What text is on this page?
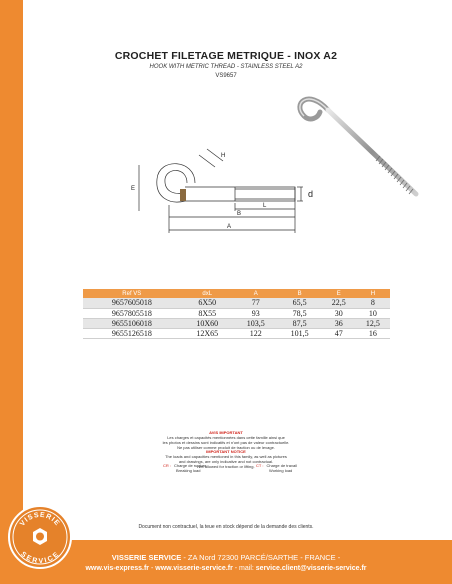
CROCHET FILETAGE METRIQUE - INOX A2
HOOK WITH METRIC THREAD - STAINLESS STEEL A2
VS9657
H
E
L
B
A
d
Ref VS	dxL	A	B	E	H
9657605018	6X50	77	65,5	22,5	8
9657805518	8X55	93	78,5	30	10
9655106018	10X60	103,5	87,5	36	12,5
9655126518	12X65	122	101,5	47	16
AVIS IMPORTANT
Les charges et capacités mentionnées dans cette famille ainsi que
les photos et dessins sont indicatifs et n'ont pas de valeur contractuelle.
Ne pas utiliser comme produit de traction ou de levage.
IMPORTANT NOTICE
The loads and capacities mentioned in this family, as well as pictures
and drawings, are only indicative and not contractual.
Not allowed for traction or lifting.
CR : Charge de rupture
Breaking load
CT : Charge de travail
Working load
Document non contractuel, la teue en stock dépend de la demande des clients.
VISSERIE SERVICE - ZA Nord 72300 PARCÉ/SARTHE - FRANCE -
www.vis-express.fr - www.visserie-service.fr - mail: service.client@visserie-service.fr
VISSERIE
SERVICE
